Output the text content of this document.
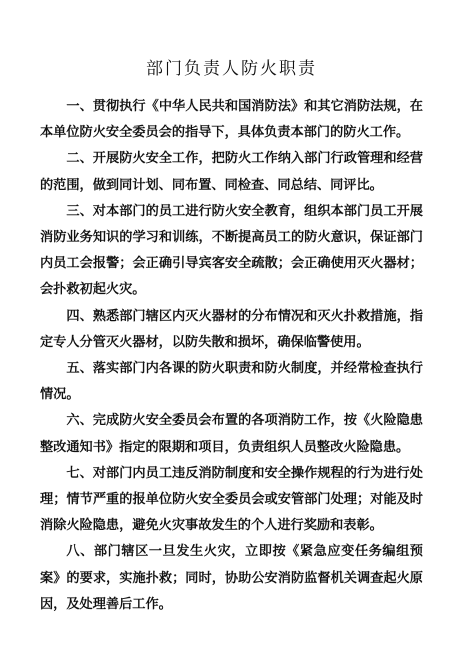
部门负责人防火职责

一、贯彻执行《中华人民共和国消防法》和其它消防法规，在本单位防火安全委员会的指导下，具体负责本部门的防火工作。

二、开展防火安全工作，把防火工作纳入部门行政管理和经营的范围，做到同计划、同布置、同检查、同总结、同评比。

三、对本部门的员工进行防火安全教育，组织本部门员工开展消防业务知识的学习和训练，不断提高员工的防火意识，保证部门内员工会报警；会正确引导宾客安全疏散；会正确使用灭火器材；会扑救初起火灾。

四、熟悉部门辖区内灭火器材的分布情况和灭火扑救措施，指定专人分管灭火器材，以防失散和损坏，确保临警使用。

五、落实部门内各课的防火职责和防火制度，并经常检查执行情况。

六、完成防火安全委员会布置的各项消防工作，按《火险隐患整改通知书》指定的限期和项目，负责组织人员整改火险隐患。

七、对部门内员工违反消防制度和安全操作规程的行为进行处理；情节严重的报单位防火安全委员会或安管部门处理；对能及时消除火险隐患，避免火灾事故发生的个人进行奖励和表彰。

八、部门辖区一旦发生火灾，立即按《紧急应变任务编组预案》的要求，实施扑救；同时，协助公安消防监督机关调查起火原因，及处理善后工作。
